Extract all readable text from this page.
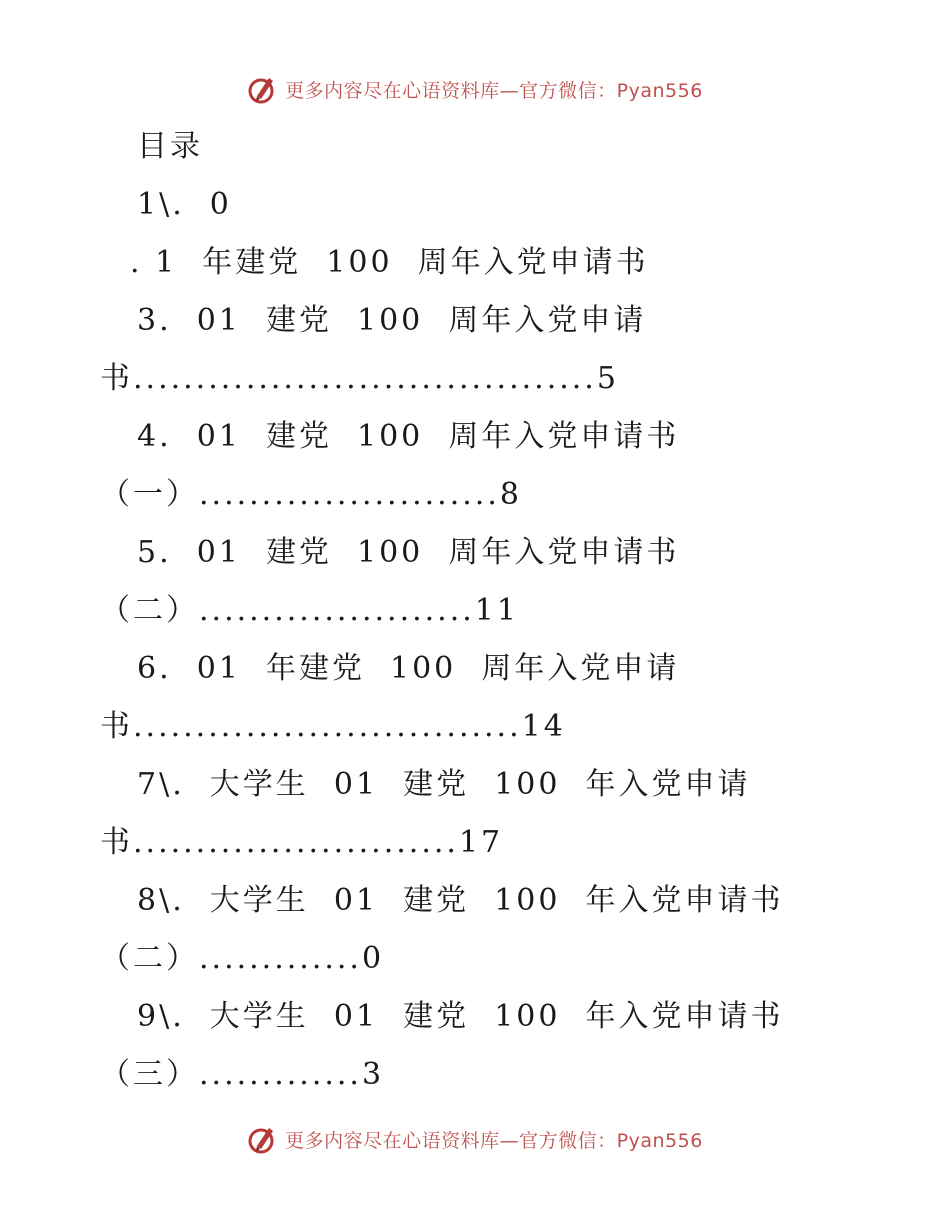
更多内容尽在心语资料库—官方微信：Pyan556
目录
1\.  0
. 1  年建党  100  周年入党申请书
3.  01  建党  100  周年入党申请
书.....................................5
4.  01  建党  100  周年入党申请书
（一）........................8
5.  01  建党  100  周年入党申请书
（二）......................11
6.  01  年建党  100  周年入党申请
书...............................14
7\.  大学生  01  建党  100  年入党申请
书..........................17
8\.  大学生  01  建党  100  年入党申请书
（二）.............0
9\.  大学生  01  建党  100  年入党申请书
（三）.............3
更多内容尽在心语资料库—官方微信：Pyan556
